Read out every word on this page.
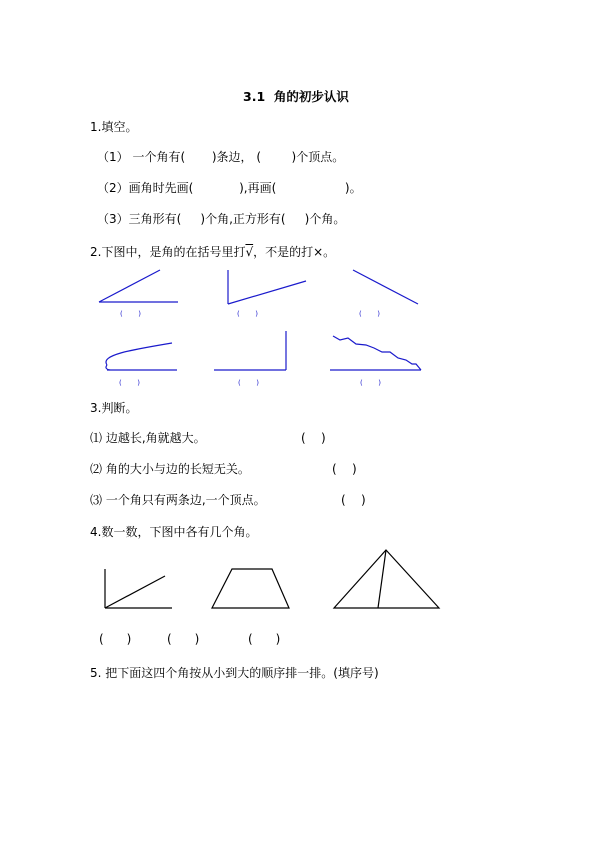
3.1  角的初步认识
1.填空。
（1） 一个角有(       )条边， (        )个顶点。
（2）画角时先画(            ),再画(                  )。
（3）三角形有(     )个角,正方形有(     )个角。
2.下图中，是角的在括号里打√，不是的打×。
(       )	(       )	(       )
(       )	(       )	(       )
3.判断。
⑴ 边越长,角就越大。	(    )
⑵ 角的大小与边的长短无关。	(    )
⑶ 一个角只有两条边,一个顶点。	(    )
4.数一数，下图中各有几个角。
(      )	(      )	(      )
5. 把下面这四个角按从小到大的顺序排一排。(填序号)
